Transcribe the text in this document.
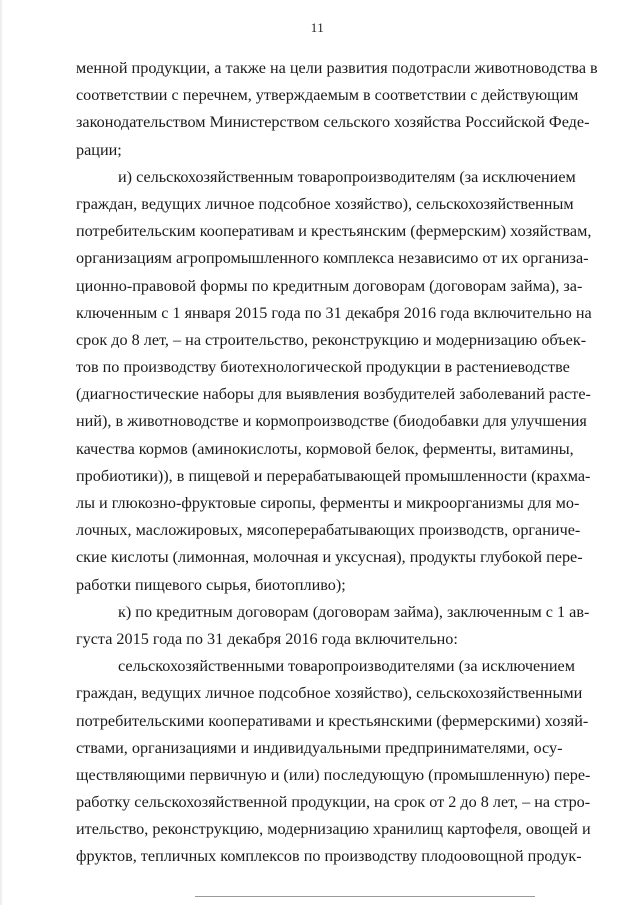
11
менной продукции, а также на цели развития подотрасли животноводства в
соответствии с перечнем, утверждаемым в соответствии с действующим
законодательством Министерством сельского хозяйства Российской Феде-
рации;
и) сельскохозяйственным товаропроизводителям (за исключением
граждан, ведущих личное подсобное хозяйство), сельскохозяйственным
потребительским кооперативам и крестьянским (фермерским) хозяйствам,
организациям агропромышленного комплекса независимо от их организа-
ционно-правовой формы по кредитным договорам (договорам займа), за-
ключенным с 1 января 2015 года по 31 декабря 2016 года включительно на
срок до 8 лет, – на строительство, реконструкцию и модернизацию объек-
тов по производству биотехнологической продукции в растениеводстве
(диагностические наборы для выявления возбудителей заболеваний расте-
ний), в животноводстве и кормопроизводстве (биодобавки для улучшения
качества кормов (аминокислоты, кормовой белок, ферменты, витамины,
пробиотики)), в пищевой и перерабатывающей промышленности (крахма-
лы и глюкозно-фруктовые сиропы, ферменты и микроорганизмы для мо-
лочных, масложировых, мясоперерабатывающих производств, органиче-
ские кислоты (лимонная, молочная и уксусная), продукты глубокой пере-
работки пищевого сырья, биотопливо);
к) по кредитным договорам (договорам займа), заключенным с 1 ав-
густа 2015 года по 31 декабря 2016 года включительно:
сельскохозяйственными товаропроизводителями (за исключением
граждан, ведущих личное подсобное хозяйство), сельскохозяйственными
потребительскими кооперативами и крестьянскими (фермерскими) хозяй-
ствами, организациями и индивидуальными предпринимателями, осу-
ществляющими первичную и (или) последующую (промышленную) пере-
работку сельскохозяйственной продукции, на срок от 2 до 8 лет, – на стро-
ительство, реконструкцию, модернизацию хранилищ картофеля, овощей и
фруктов, тепличных комплексов по производству плодоовощной продук-
